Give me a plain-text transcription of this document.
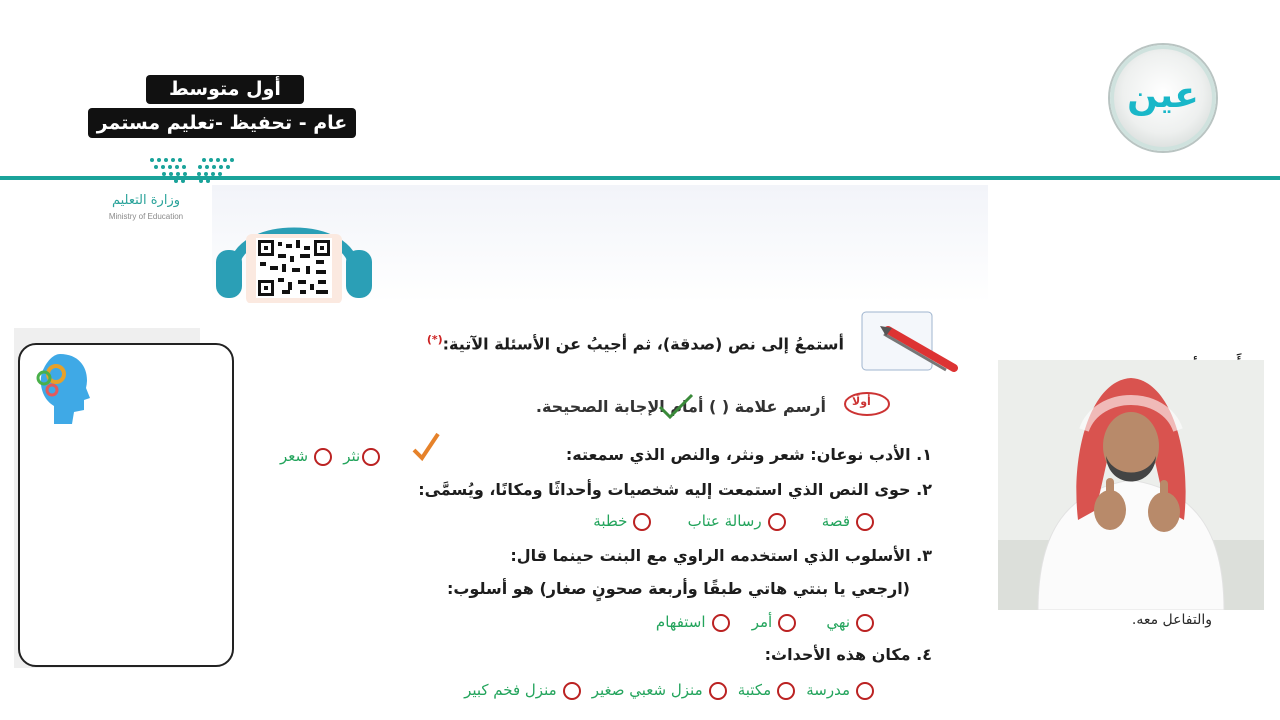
أول متوسط
عام - تحفيظ -تعليم مستمر
وزارة التعليم
Ministry of Education
عين
أستمعُ إلى نص (صدقة)، ثم أجيبُ عن الأسئلة الآتية:(*)
أولًا
أرسم علامة ( ) أمام الإجابة الصحيحة.
١. الأدب نوعان: شعر ونثر، والنص الذي سمعته:
نثر شعر
٢. حوى النص الذي استمعت إليه شخصيات وأحداثًا ومكانًا، ويُسمَّى:
قصة  رسالة عتاب  خطبة
٣. الأسلوب الذي استخدمه الراوي مع البنت حينما قال:
(ارجعي يا بنتي هاتي طبقًا وأربعة صحونٍ صغار) هو أسلوب:
نهي  أمر  استفهام
٤. مكان هذه الأحداث:
مدرسة مكتبة منزل شعبي صغير منزل فخم كبير
والتفاعل معه.
